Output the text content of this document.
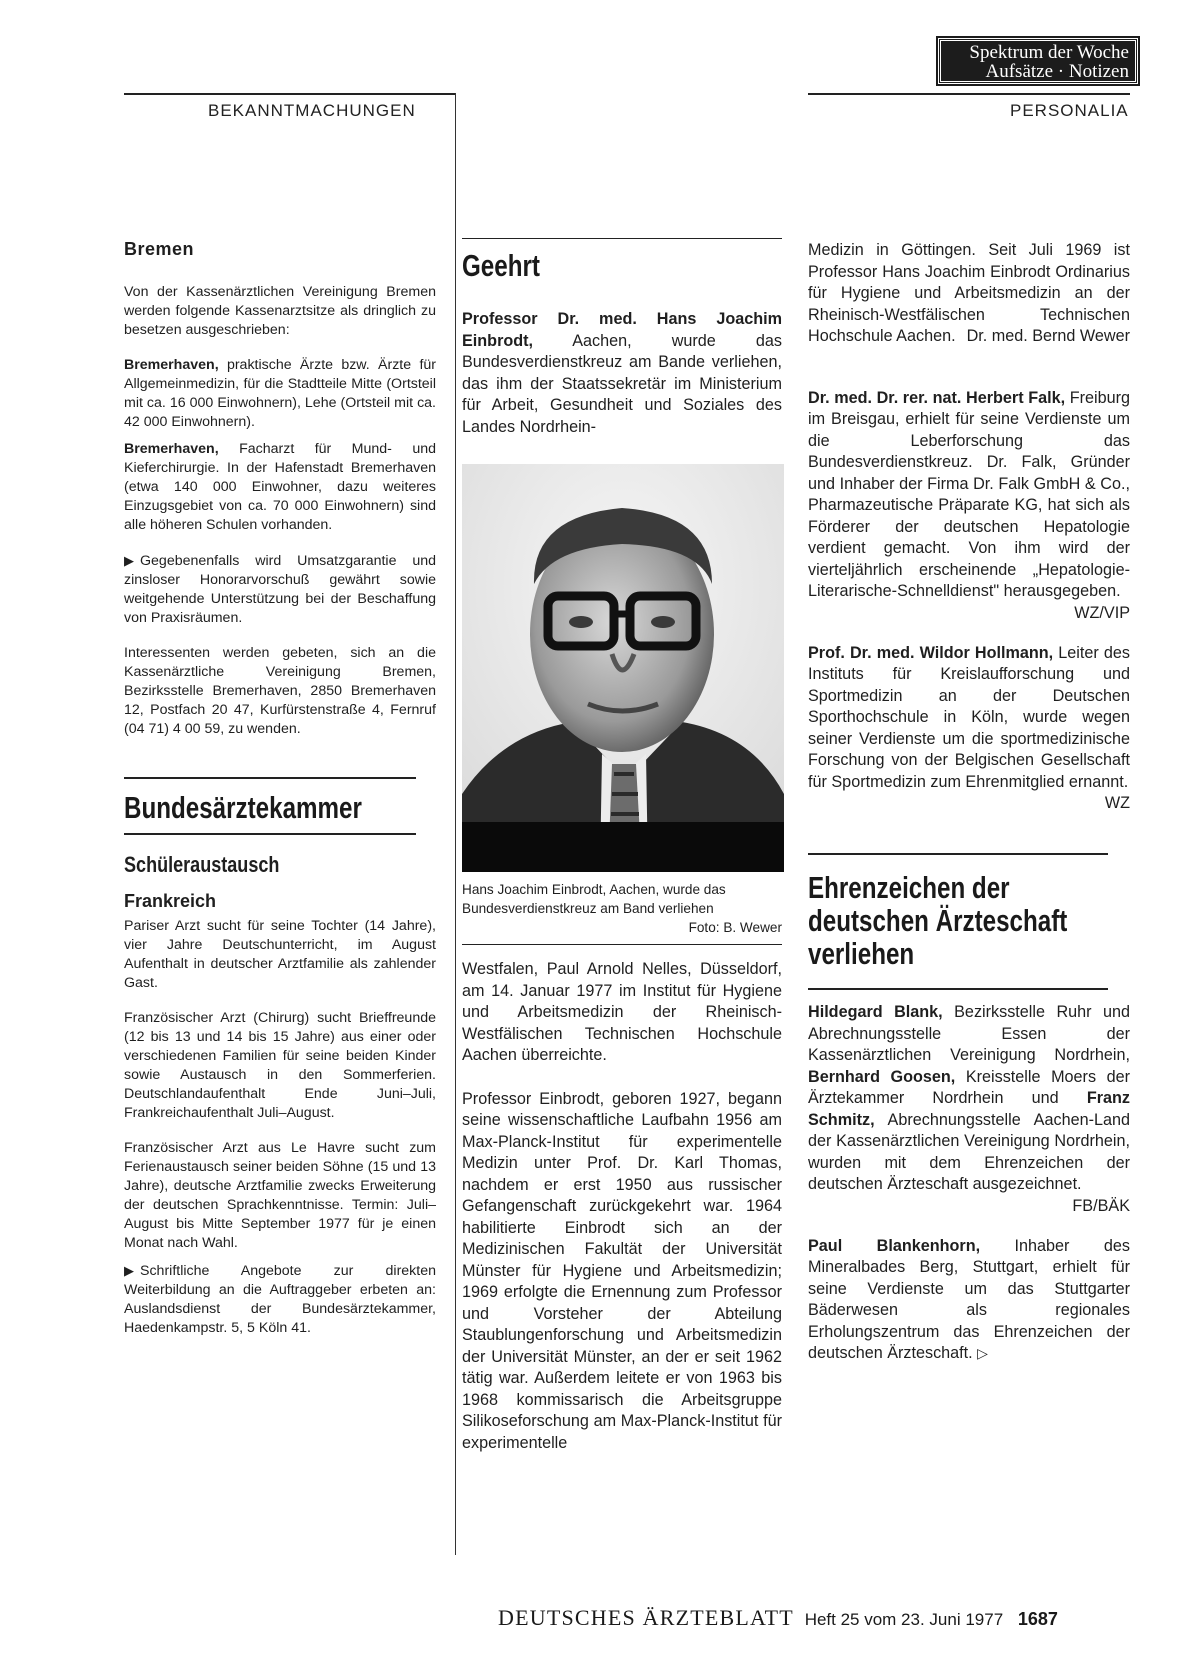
Spektrum der Woche
Aufsätze · Notizen
BEKANNTMACHUNGEN	PERSONALIA
Bremen

Von der Kassenärztlichen Vereinigung Bremen werden folgende Kassenarztsitze als dringlich zu besetzen ausgeschrieben:

Bremerhaven, praktische Ärzte bzw. Ärzte für Allgemeinmedizin, für die Stadtteile Mitte (Ortsteil mit ca. 16 000 Einwohnern), Lehe (Ortsteil mit ca. 42 000 Einwohnern).

Bremerhaven, Facharzt für Mund- und Kieferchirurgie. In der Hafenstadt Bremerhaven (etwa 140 000 Einwohner, dazu weiteres Einzugsgebiet von ca. 70 000 Einwohnern) sind alle höheren Schulen vorhanden.

▶ Gegebenenfalls wird Umsatzgarantie und zinsloser Honorarvorschuß gewährt sowie weitgehende Unterstützung bei der Beschaffung von Praxisräumen.

Interessenten werden gebeten, sich an die Kassenärztliche Vereinigung Bremen, Bezirksstelle Bremerhaven, 2850 Bremerhaven 12, Postfach 20 47, Kurfürstenstraße 4, Fernruf (04 71) 4 00 59, zu wenden.

Bundesärztekammer
Schüleraustausch
Frankreich

Pariser Arzt sucht für seine Tochter (14 Jahre), vier Jahre Deutschunterricht, im August Aufenthalt in deutscher Arztfamilie als zahlender Gast.

Französischer Arzt (Chirurg) sucht Brieffreunde (12 bis 13 und 14 bis 15 Jahre) aus einer oder verschiedenen Familien für seine beiden Kinder sowie Austausch in den Sommerferien. Deutschlandaufenthalt Ende Juni–Juli, Frankreichaufenthalt Juli–August.

Französischer Arzt aus Le Havre sucht zum Ferienaustausch seiner beiden Söhne (15 und 13 Jahre), deutsche Arztfamilie zwecks Erweiterung der deutschen Sprachkenntnisse. Termin: Juli–August bis Mitte September 1977 für je einen Monat nach Wahl.

▶ Schriftliche Angebote zur direkten Weiterbildung an die Auftraggeber erbeten an: Auslandsdienst der Bundesärztekammer, Haedenkampstr. 5, 5 Köln 41.

Geehrt

Professor Dr. med. Hans Joachim Einbrodt, Aachen, wurde das Bundesverdienstkreuz am Bande verliehen, das ihm der Staatssekretär im Ministerium für Arbeit, Gesundheit und Soziales des Landes Nordrhein-

Hans Joachim Einbrodt, Aachen, wurde das Bundesverdienstkreuz am Band verliehen
Foto: B. Wewer

Westfalen, Paul Arnold Nelles, Düsseldorf, am 14. Januar 1977 im Institut für Hygiene und Arbeitsmedizin der Rheinisch-Westfälischen Technischen Hochschule Aachen überreichte.

Professor Einbrodt, geboren 1927, begann seine wissenschaftliche Laufbahn 1956 am Max-Planck-Institut für experimentelle Medizin unter Prof. Dr. Karl Thomas, nachdem er erst 1950 aus russischer Gefangenschaft zurückgekehrt war. 1964 habilitierte Einbrodt sich an der Medizinischen Fakultät der Universität Münster für Hygiene und Arbeitsmedizin; 1969 erfolgte die Ernennung zum Professor und Vorsteher der Abteilung Staublungenforschung und Arbeitsmedizin der Universität Münster, an der er seit 1962 tätig war. Außerdem leitete er von 1963 bis 1968 kommissarisch die Arbeitsgruppe Silikoseforschung am Max-Planck-Institut für experimentelle

Medizin in Göttingen. Seit Juli 1969 ist Professor Hans Joachim Einbrodt Ordinarius für Hygiene und Arbeitsmedizin an der Rheinisch-Westfälischen Technischen Hochschule Aachen. Dr. med. Bernd Wewer

Dr. med. Dr. rer. nat. Herbert Falk, Freiburg im Breisgau, erhielt für seine Verdienste um die Leberforschung das Bundesverdienstkreuz. Dr. Falk, Gründer und Inhaber der Firma Dr. Falk GmbH & Co., Pharmazeutische Präparate KG, hat sich als Förderer der deutschen Hepatologie verdient gemacht. Von ihm wird der vierteljährlich erscheinende „Hepatologie-Literarische-Schnelldienst" herausgegeben.
WZ/VIP

Prof. Dr. med. Wildor Hollmann, Leiter des Instituts für Kreislaufforschung und Sportmedizin an der Deutschen Sporthochschule in Köln, wurde wegen seiner Verdienste um die sportmedizinische Forschung von der Belgischen Gesellschaft für Sportmedizin zum Ehrenmitglied ernannt.
WZ

Ehrenzeichen der deutschen Ärzteschaft verliehen

Hildegard Blank, Bezirksstelle Ruhr und Abrechnungsstelle Essen der Kassenärztlichen Vereinigung Nordrhein, Bernhard Goosen, Kreisstelle Moers der Ärztekammer Nordrhein und Franz Schmitz, Abrechnungsstelle Aachen-Land der Kassenärztlichen Vereinigung Nordrhein, wurden mit dem Ehrenzeichen der deutschen Ärzteschaft ausgezeichnet.
FB/BÄK

Paul Blankenhorn, Inhaber des Mineralbades Berg, Stuttgart, erhielt für seine Verdienste um das Stuttgarter Bäderwesen als regionales Erholungszentrum das Ehrenzeichen der deutschen Ärzteschaft. ▷

DEUTSCHES ÄRZTEBLATT Heft 25 vom 23. Juni 1977 1687
